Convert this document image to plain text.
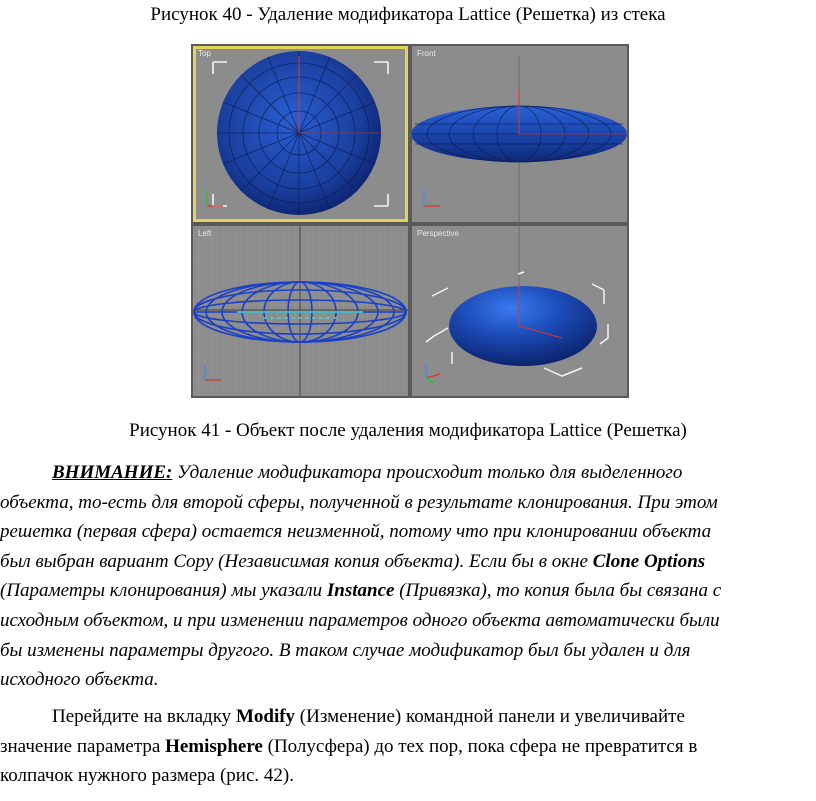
Рисунок 40 - Удаление модификатора Lattice (Решетка) из стека
Top	Front
Left	Perspective
Рисунок 41 - Объект после удаления модификатора Lattice (Решетка)

ВНИМАНИЕ: Удаление модификатора происходит только для выделенного

объекта, то-есть для второй сферы, полученной в результате клонирования. При этом

решетка (первая сфера) остается неизменной, потому что при клонировании объекта

был выбран вариант Copy (Независимая копия объекта). Если бы в окне Clone Options

(Параметры клонирования) мы указали Instance (Привязка), то копия была бы связана с

исходным объектом, и при изменении параметров одного объекта автоматически были

бы изменены параметры другого. В таком случае модификатор был бы удален и для

исходного объекта.

Перейдите на вкладку Modify (Изменение) командной панели и увеличивайте

значение параметра Hemisphere (Полусфера) до тех пор, пока сфера не превратится в

колпачок нужного размера (рис. 42).
